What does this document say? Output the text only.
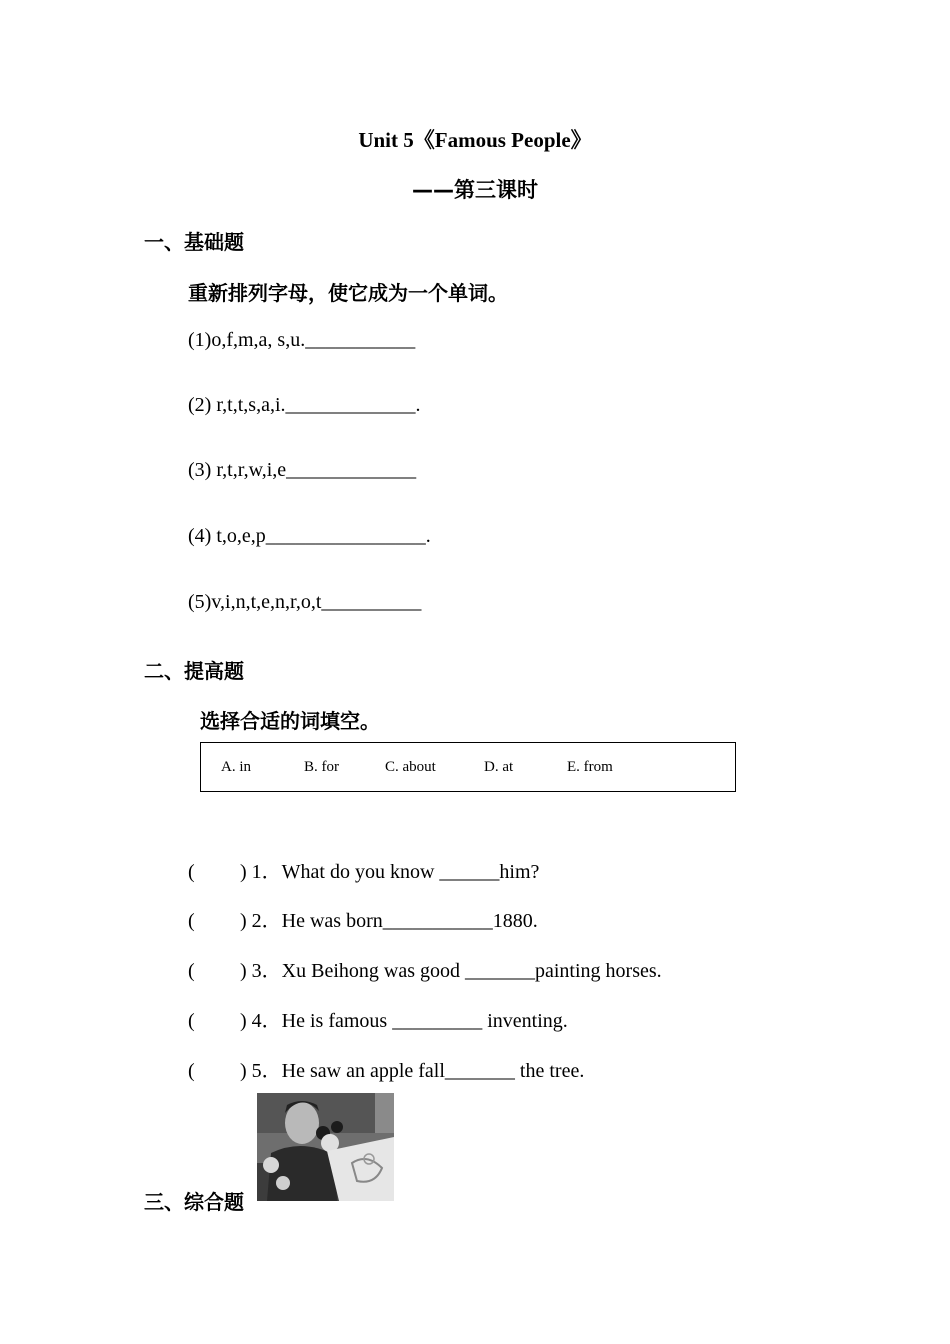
Unit 5《Famous People》
——第三课时
一、基础题
重新排列字母，使它成为一个单词。
(1)o,f,m,a, s,u.___________
(2) r,t,t,s,a,i._____________.
(3) r,t,r,w,i,e_____________
(4) t,o,e,p________________.
(5)v,i,n,t,e,n,r,o,t__________
二、提高题
选择合适的词填空。
A. in	B. for	C. about	D. at	E. from
( ) 1．What do you know ______him?
( ) 2．He was born___________1880.
( ) 3．Xu Beihong was good _______painting horses.
( ) 4．He is famous _________ inventing.
( ) 5．He saw an apple fall_______ the tree.
三、综合题
